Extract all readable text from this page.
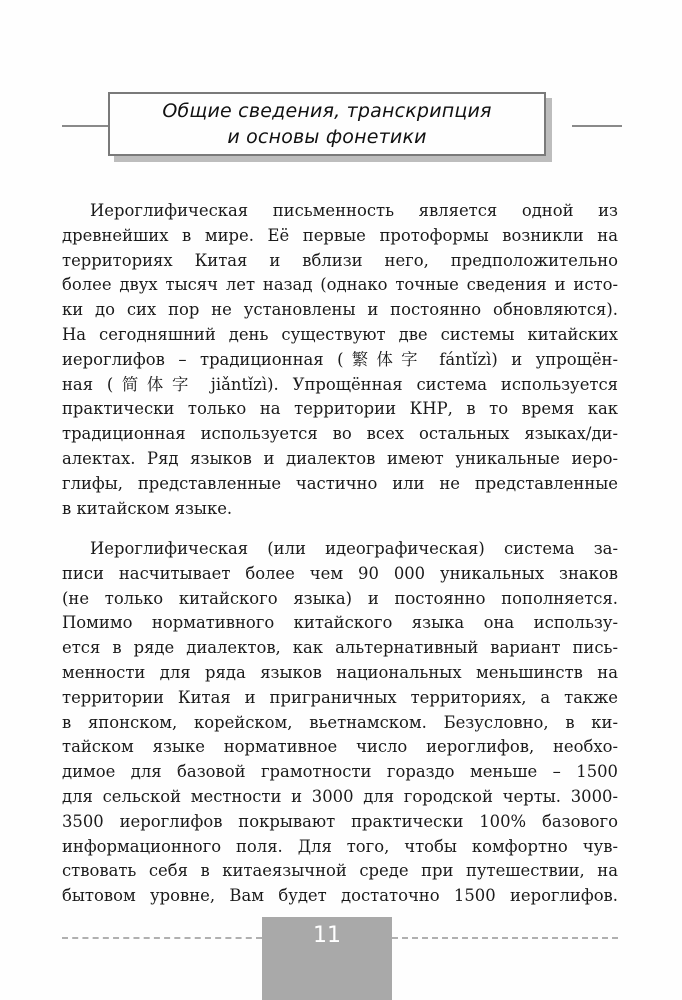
Общие сведения, транскрипция
и основы фонетики
Иероглифическая письменность является одной из
древнейших в мире. Её первые протоформы возникли на
территориях Китая и вблизи него, предположительно
более двух тысяч лет назад (однако точные сведения и исто-
ки до сих пор не установлены и постоянно обновляются).
На сегодняшний день существуют две системы китайских
иероглифов – традиционная (繁体字 fántǐzì) и упрощён-
ная (简体字 jiǎntǐzì). Упрощённая система используется
практически только на территории КНР, в то время как
традиционная используется во всех остальных языках/ди-
алектах. Ряд языков и диалектов имеют уникальные иеро-
глифы, представленные частично или не представленные
в китайском языке.
Иероглифическая (или идеографическая) система за-
писи насчитывает более чем 90 000 уникальных знаков
(не только китайского языка) и постоянно пополняется.
Помимо нормативного китайского языка она использу-
ется в ряде диалектов, как альтернативный вариант пись-
менности для ряда языков национальных меньшинств на
территории Китая и приграничных территориях, а также
в японском, корейском, вьетнамском. Безусловно, в ки-
тайском языке нормативное число иероглифов, необхо-
димое для базовой грамотности гораздо меньше – 1500
для сельской местности и 3000 для городской черты. 3000-
3500 иероглифов покрывают практически 100% базового
информационного поля. Для того, чтобы комфортно чув-
ствовать себя в китаеязычной среде при путешествии, на
бытовом уровне, Вам будет достаточно 1500 иероглифов.
11
